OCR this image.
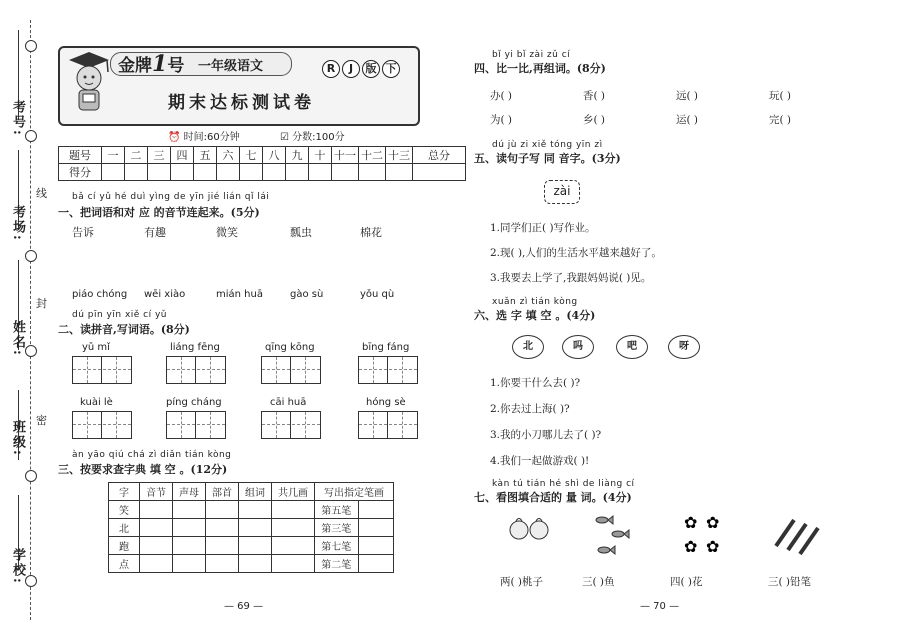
考号:
考场:
姓名:
班级:
学校:
线
封
密
金牌1号 一年级语文	R	J	版 下
期末达标测试卷
⏰ 时间:60分钟	☑ 分数:100分
题号	一	二	三	四	五	六	七	八	九	十	十一	十二	十三	总分
得分														
bǎ cí yǔ hé duì yìng de yīn jié lián qǐ lái
一、把词语和对 应 的音节连起来。(5分)
告诉	有趣	微笑	瓢虫	棉花
piáo chóng wēi xiào	mián huā	gào sù	yǒu qù
dú pīn yīn xiě cí yǔ
二、读拼音,写词语。(8分)
yǔ mǐ	liáng fēng	qīng kōng	bīng fáng
kuài lè	píng cháng	cāi huā	hóng sè
àn yāo qiú chá zì diǎn tián kòng
三、按要求查字典 填 空 。(12分)
字	音节	声母	部首	组词	共几画	写出指定笔画	
笑						第五笔	
北						第三笔	
跑						第七笔	
点						第二笔	
— 69 —	— 70 —
bǐ yi bǐ zài zǔ cí
四、比一比,再组词。(8分)
办( )	香( )	远( )	玩( )
为( )	乡( )	运( )	完( )
dú jù zi xiě tóng yīn zì
五、读句子写 同 音字。(3分)
zài
1.同学们正( )写作业。
2.现( ),人们的生活水平越来越好了。
3.我要去上学了,我跟妈妈说( )见。
xuǎn zì tián kòng
六、选 字 填 空 。(4分)
北	吗	吧	呀
1.你要干什么去( )?
2.你去过上海( )?
3.我的小刀哪儿去了( )?
4.我们一起做游戏( )!
kàn tú tián hé shì de liàng cí
七、看图填合适的 量 词。(4分)
✿ ✿
✿ ✿
两( )桃子	三( )鱼	四( )花	三( )铅笔
